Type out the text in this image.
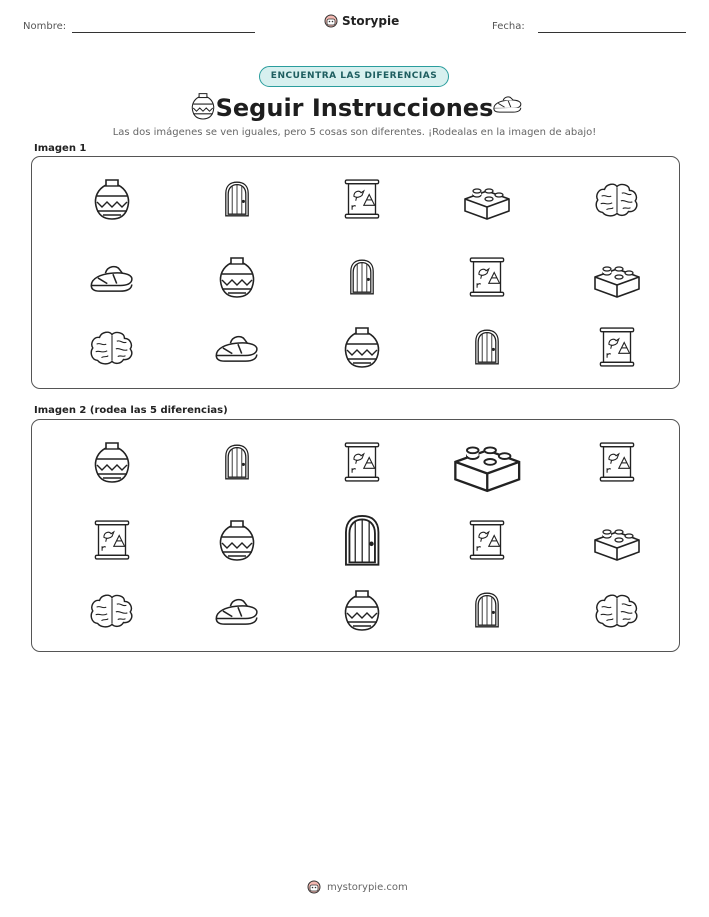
Nombre:	Storypie	Fecha:
ENCUENTRA LAS DIFERENCIAS
Seguir Instrucciones
Las dos imágenes se ven iguales, pero 5 cosas son diferentes. ¡Rodealas en la imagen de abajo!
Imagen 1
Imagen 2 (rodea las 5 diferencias)
mystorypie.com
